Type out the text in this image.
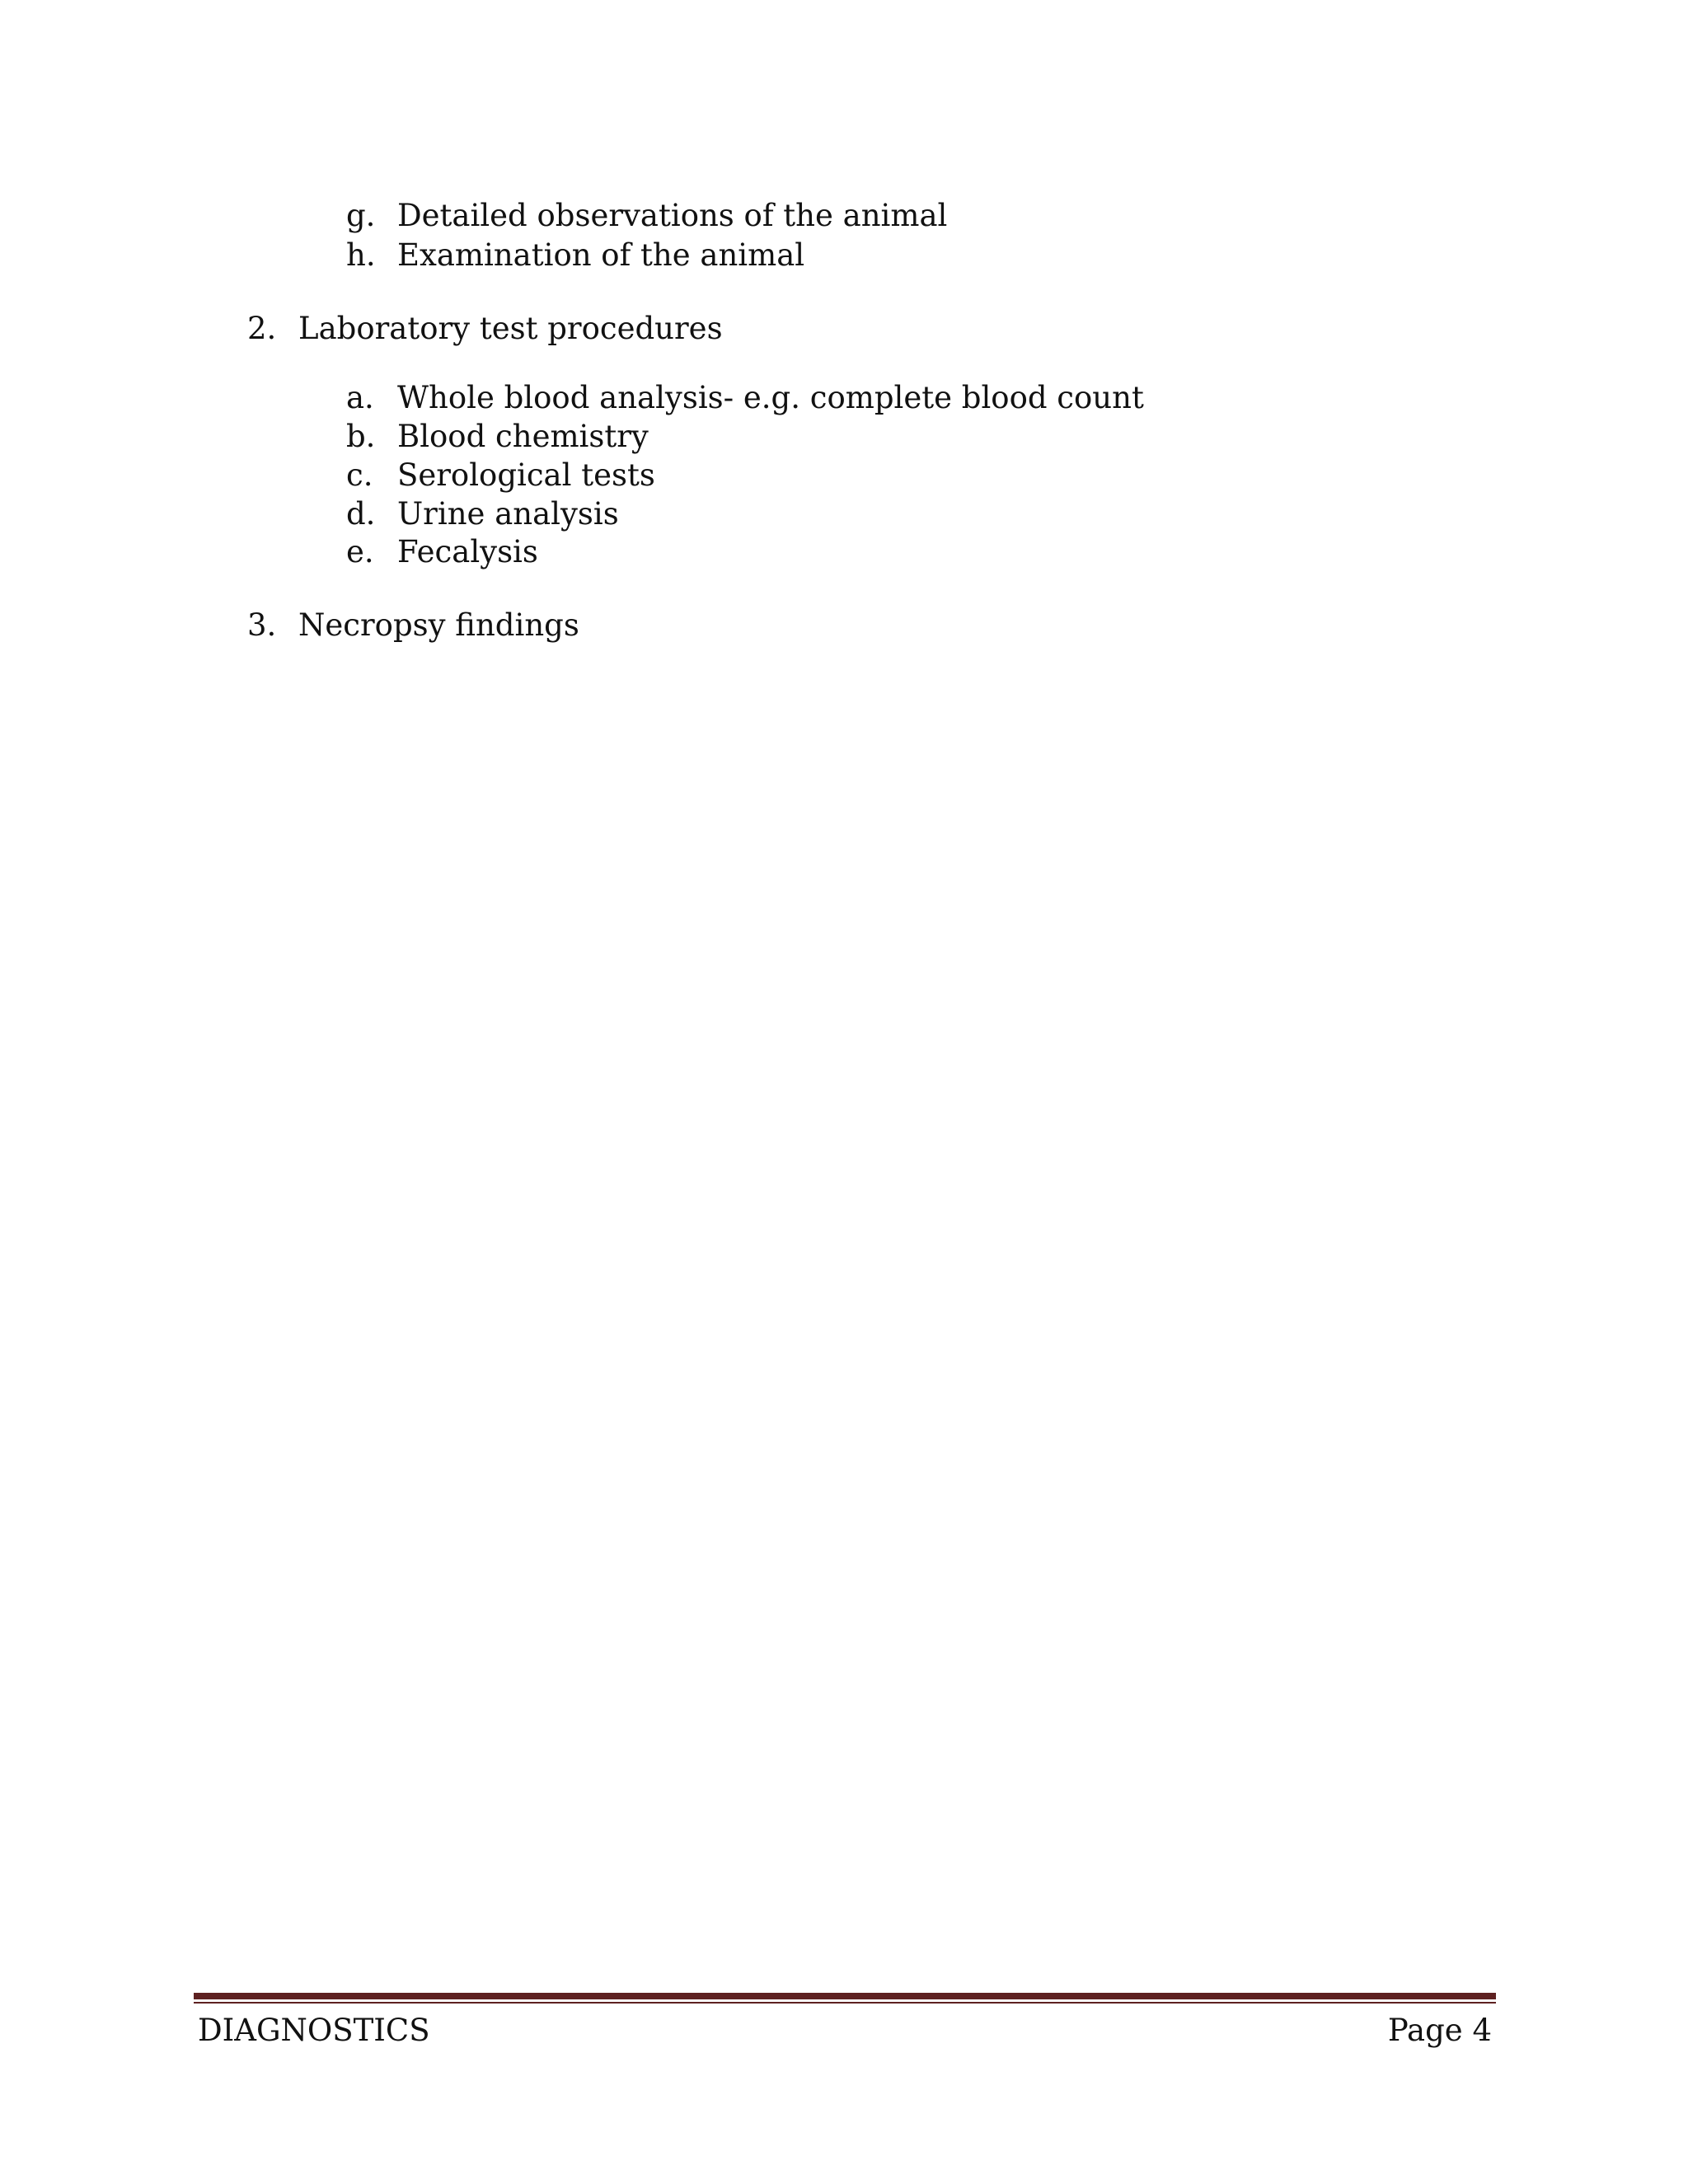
g. Detailed observations of the animal
h. Examination of the animal
2. Laboratory test procedures
a. Whole blood analysis- e.g. complete blood count
b. Blood chemistry
c. Serological tests
d. Urine analysis
e. Fecalysis
3. Necropsy findings
DIAGNOSTICS	Page 4
